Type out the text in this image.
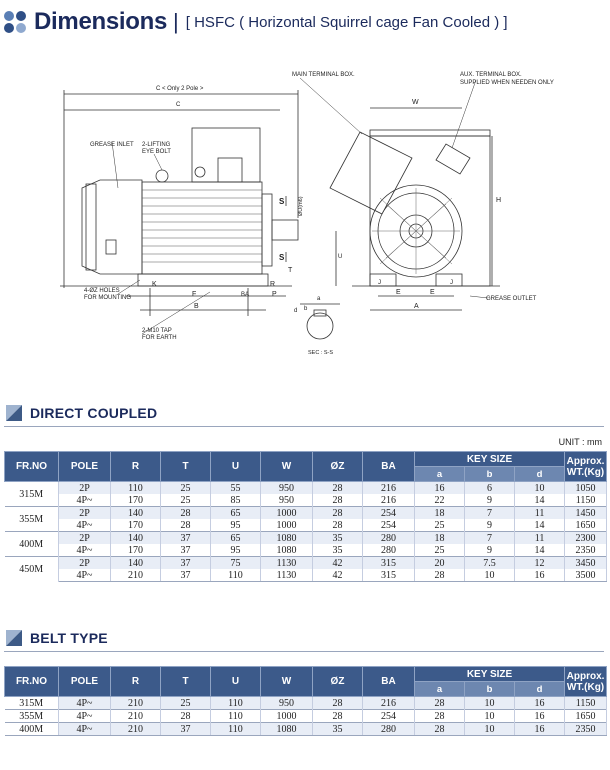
Dimensions | [ HSFC ( Horizontal Squirrel cage Fan Cooled ) ]
C < Only 2 Pole >
C
GREASE INLET 2-LIFTING
EYE BOLT
MAIN TERMINAL BOX.	AUX. TERMINAL BOX.
SUPPLIED WHEN NEEDEN ONLY
W
H
S
S
ØU(m6)
K
F	BA
R
P
B
T
U
4-ØZ HOLES
FOR MOUNTING
2-M10 TAP
FOR EARTH
a
b
d
SEC : S-S
J	J
E	E
A
GREASE OUTLET
DIRECT COUPLED
UNIT : mm
FR.NO	POLE	R	T	U	W	ØZ	BA	KEY SIZE			Approx.
WT.(Kg)
								a	b	d	
315M	2P	110	25	55	950	28	216	16	6	10	1050
	4P~	170	25	85	950	28	216	22	9	14	1150
355M	2P	140	28	65	1000	28	254	18	7	11	1450
	4P~	170	28	95	1000	28	254	25	9	14	1650
400M	2P	140	37	65	1080	35	280	18	7	11	2300
	4P~	170	37	95	1080	35	280	25	9	14	2350
450M	2P	140	37	75	1130	42	315	20	7.5	12	3450
	4P~	210	37	110	1130	42	315	28	10	16	3500
BELT TYPE
FR.NO	POLE	R	T	U	W	ØZ	BA	KEY SIZE			Approx.
WT.(Kg)
								a	b	d	
315M	4P~	210	25	110	950	28	216	28	10	16	1150
355M	4P~	210	28	110	1000	28	254	28	10	16	1650
400M	4P~	210	37	110	1080	35	280	28	10	16	2350
